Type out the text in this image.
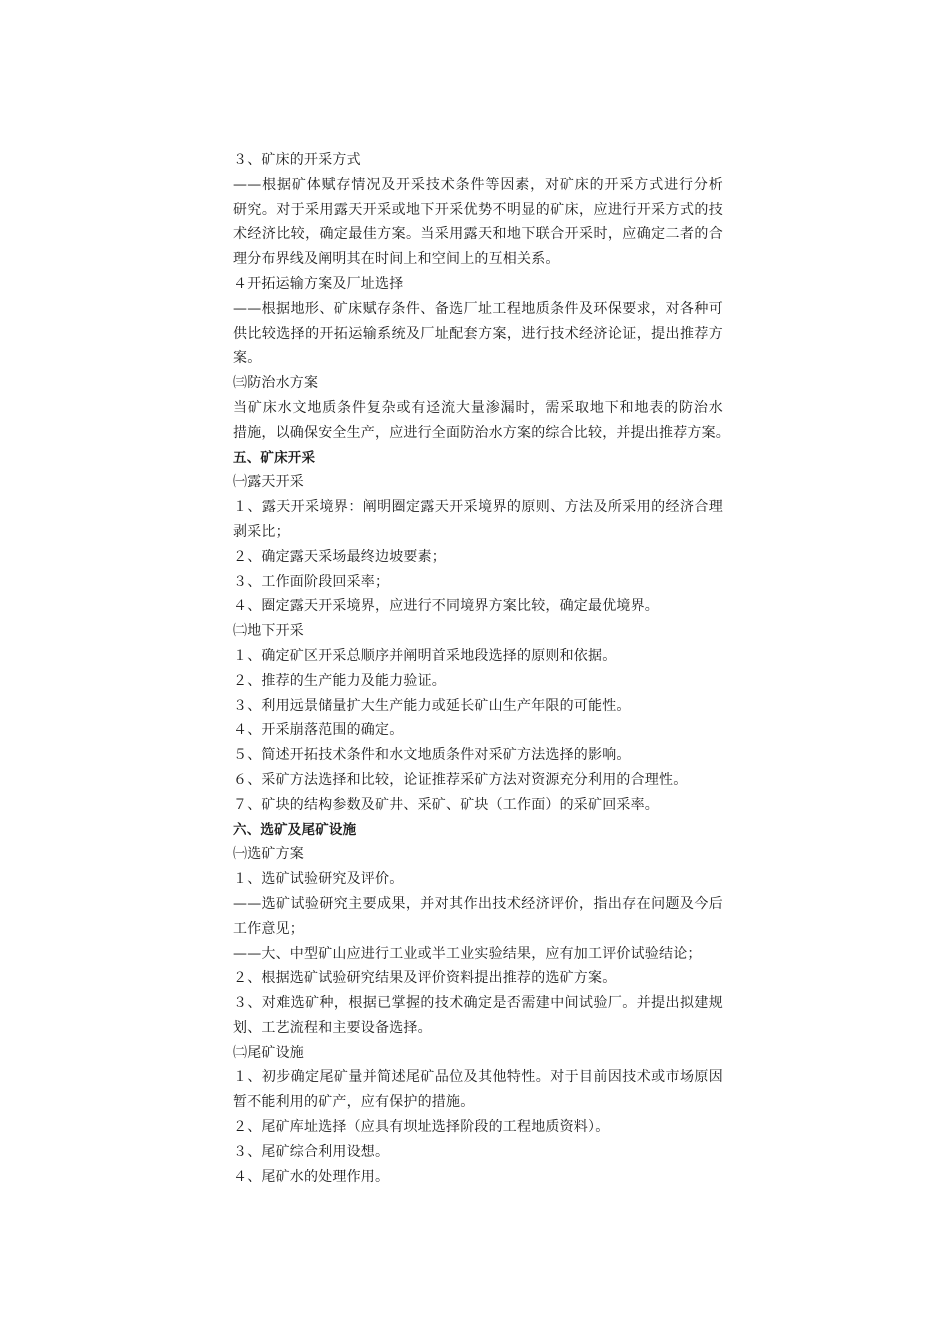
３、矿床的开采方式
——根据矿体赋存情况及开采技术条件等因素，对矿床的开采方式进行分析
研究。对于采用露天开采或地下开采优势不明显的矿床，应进行开采方式的技
术经济比较，确定最佳方案。当采用露天和地下联合开采时，应确定二者的合
理分布界线及阐明其在时间上和空间上的互相关系。
４开拓运输方案及厂址选择
——根据地形、矿床赋存条件、备选厂址工程地质条件及环保要求，对各种可
供比较选择的开拓运输系统及厂址配套方案，进行技术经济论证，提出推荐方
案。
㈢防治水方案
当矿床水文地质条件复杂或有迳流大量渗漏时，需采取地下和地表的防治水
措施，以确保安全生产，应进行全面防治水方案的综合比较，并提出推荐方案。
五、矿床开采
㈠露天开采
１、露天开采境界：阐明圈定露天开采境界的原则、方法及所采用的经济合理
剥采比；
２、确定露天采场最终边坡要素；
３、工作面阶段回采率；
４、圈定露天开采境界，应进行不同境界方案比较，确定最优境界。
㈡地下开采
１、确定矿区开采总顺序并阐明首采地段选择的原则和依据。
２、推荐的生产能力及能力验证。
３、利用远景储量扩大生产能力或延长矿山生产年限的可能性。
４、开采崩落范围的确定。
５、简述开拓技术条件和水文地质条件对采矿方法选择的影响。
６、采矿方法选择和比较，论证推荐采矿方法对资源充分利用的合理性。
７、矿块的结构参数及矿井、采矿、矿块（工作面）的采矿回采率。
六、选矿及尾矿设施
㈠选矿方案
１、选矿试验研究及评价。
——选矿试验研究主要成果，并对其作出技术经济评价，指出存在问题及今后
工作意见；
——大、中型矿山应进行工业或半工业实验结果，应有加工评价试验结论；
２、根据选矿试验研究结果及评价资料提出推荐的选矿方案。
３、对难选矿种，根据已掌握的技术确定是否需建中间试验厂。并提出拟建规
划、工艺流程和主要设备选择。
㈡尾矿设施
１、初步确定尾矿量并简述尾矿品位及其他特性。对于目前因技术或市场原因
暂不能利用的矿产，应有保护的措施。
２、尾矿库址选择（应具有坝址选择阶段的工程地质资料）。
３、尾矿综合利用设想。
４、尾矿水的处理作用。
